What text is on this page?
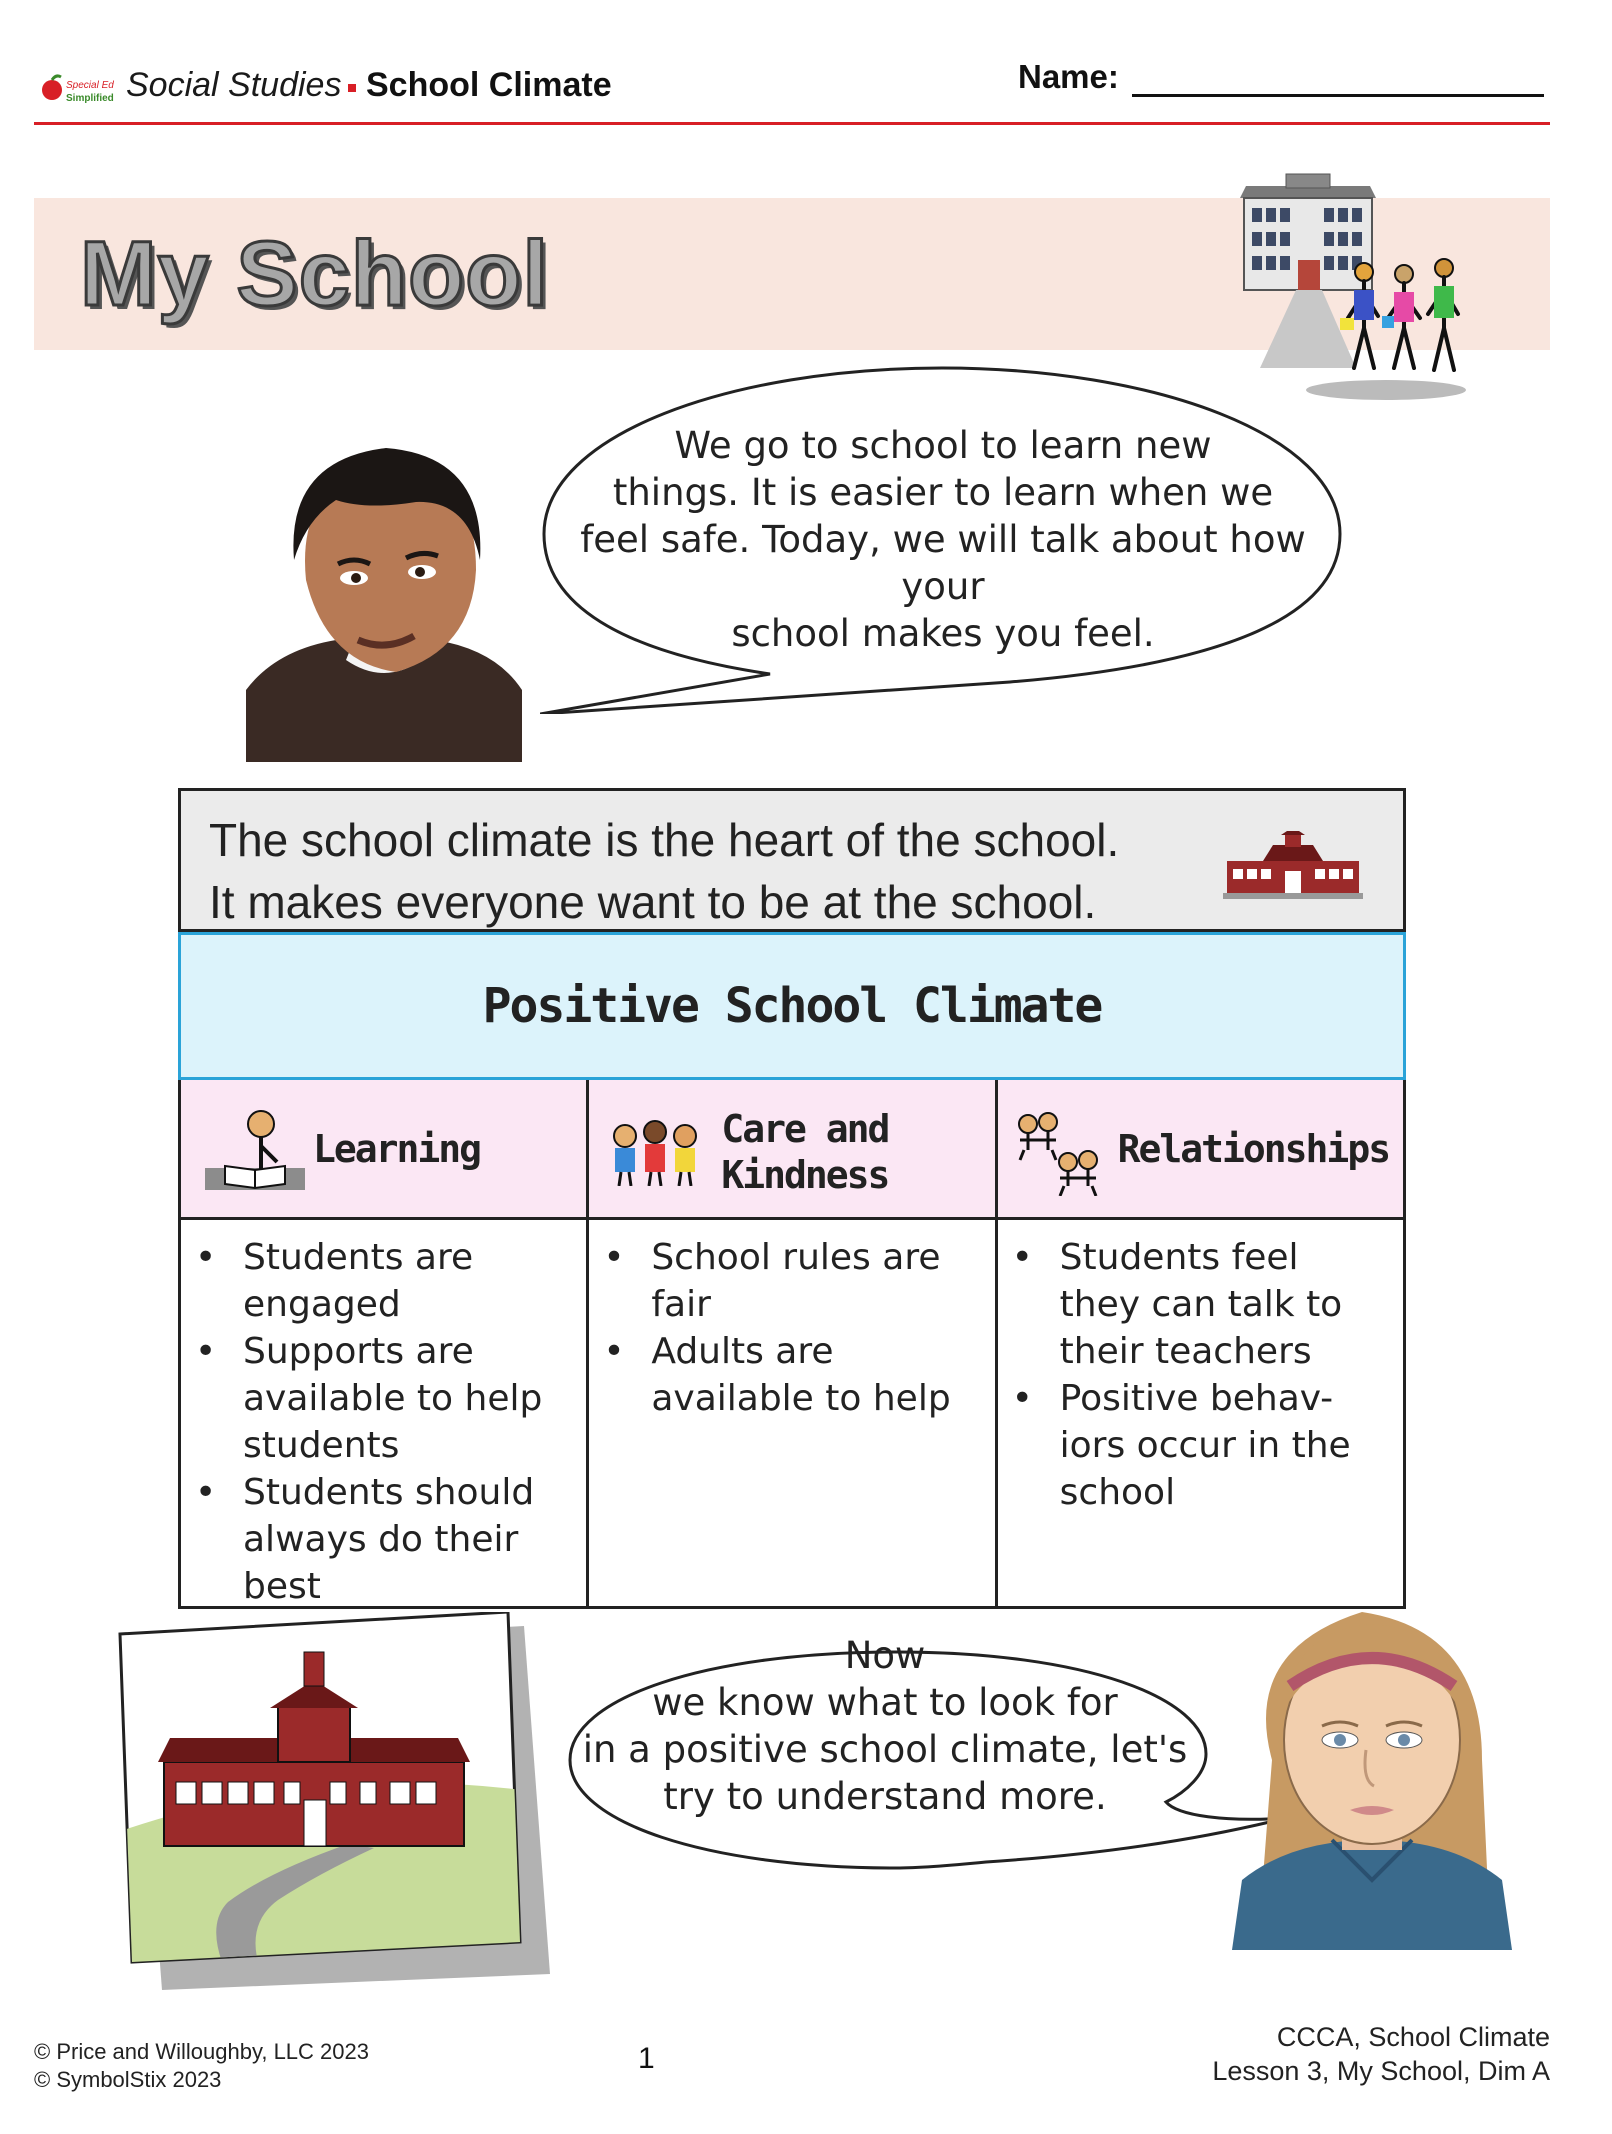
Special Ed
Simplified Social Studies School Climate	Name:
My School
We go to school to learn new
things. It is easier to learn when we
feel safe. Today, we will talk about how your
school makes you feel.
The school climate is the heart of the school.
It makes everyone want to be at the school.
Positive School Climate
Learning
• Students are
engaged
• Supports are
available to help
students
• Students should
always do their
best
Care and
Kindness
• School rules are
fair
• Adults are
available to help
Relationships
• Students feel
they can talk to
their teachers
• Positive behav-
iors occur in the
school
Now
we know what to look for
in a positive school climate, let's
try to understand more.
© Price and Willoughby, LLC 2023
© SymbolStix 2023
1
CCCA, School Climate
Lesson 3, My School, Dim A
